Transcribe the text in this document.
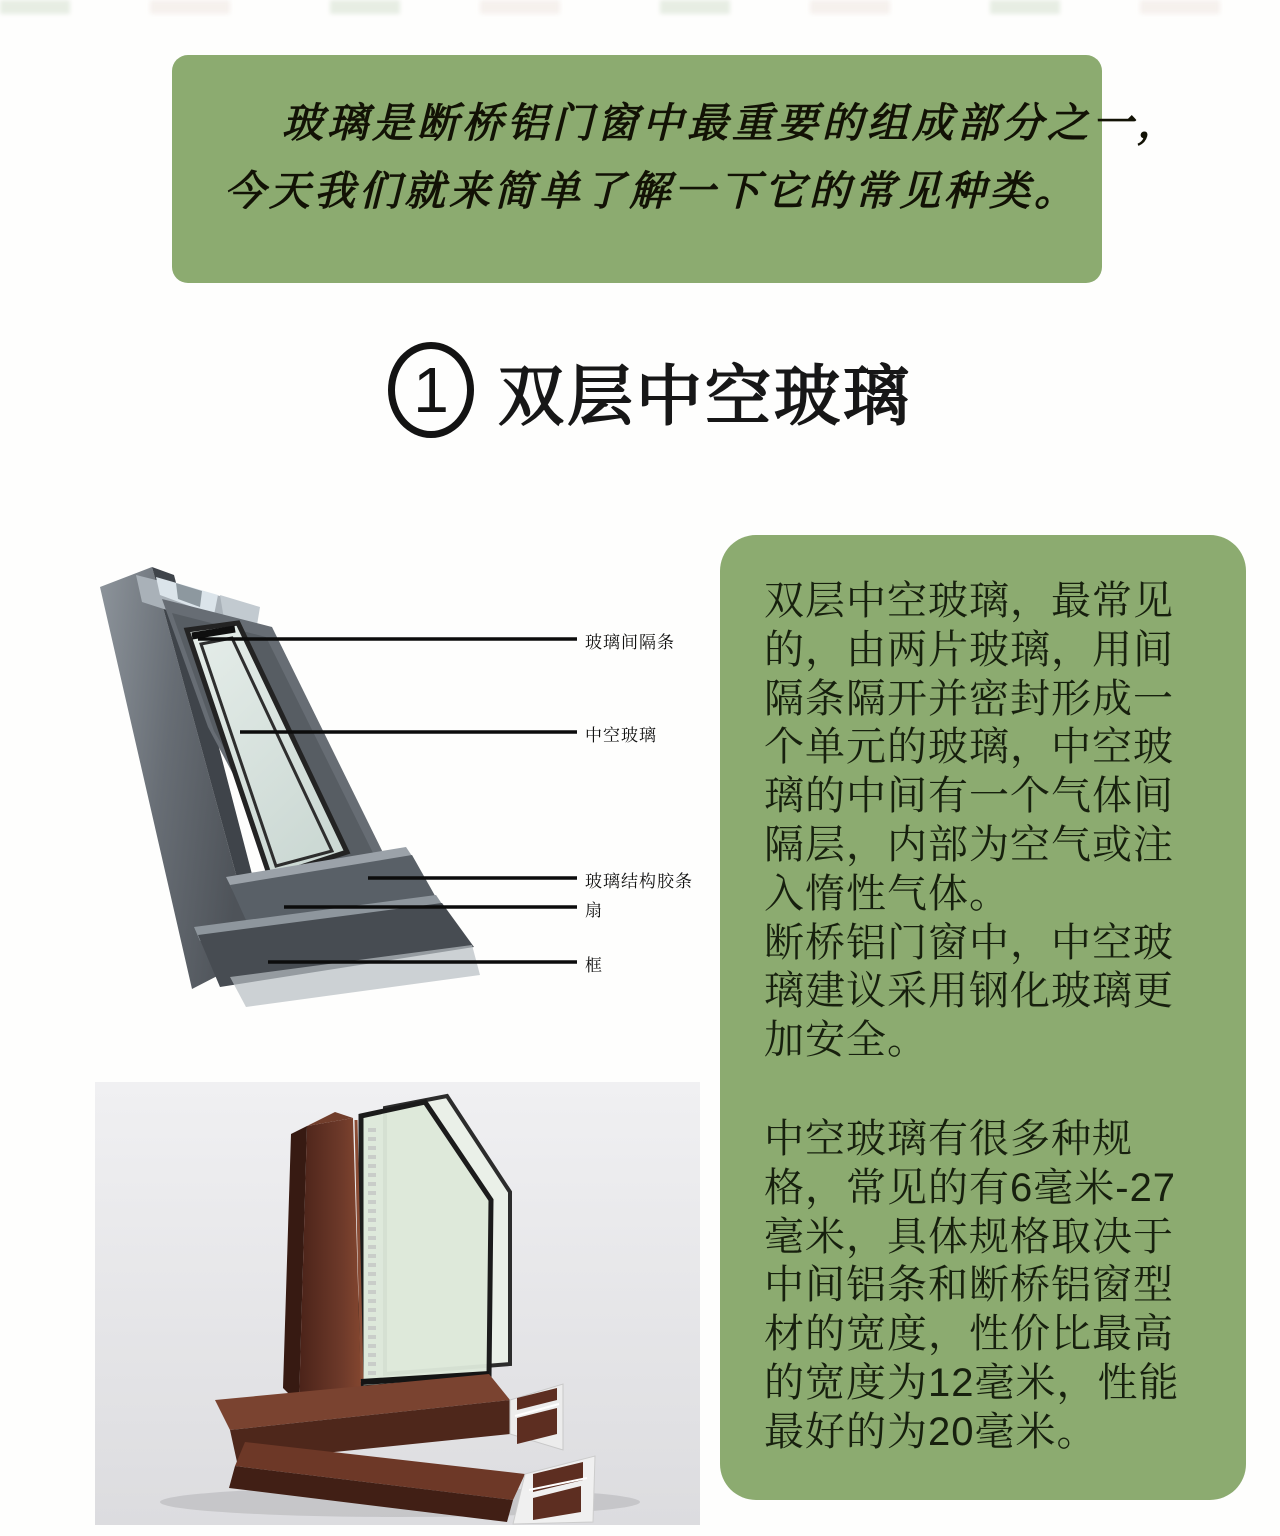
玻璃是断桥铝门窗中最重要的组成部分之一，

今天我们就来简单了解一下它的常见种类。

1 双层中空玻璃
玻璃间隔条
中空玻璃
玻璃结构胶条
扇
框

双层中空玻璃，最常见的，由两片玻璃，用间隔条隔开并密封形成一个单元的玻璃，中空玻璃的中间有一个气体间隔层，内部为空气或注入惰性气体。

断桥铝门窗中，中空玻璃建议采用钢化玻璃更加安全。

中空玻璃有很多种规格，常见的有6毫米-27毫米，具体规格取决于中间铝条和断桥铝窗型材的宽度，性价比最高的宽度为12毫米，性能最好的为20毫米。
